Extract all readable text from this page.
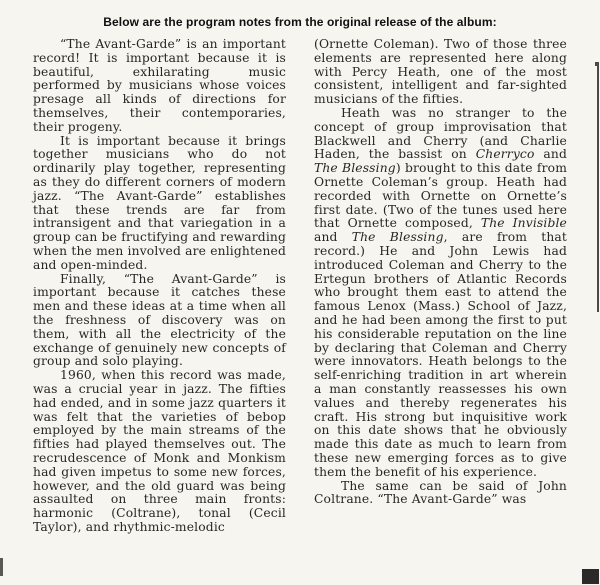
Below are the program notes from the original release of the album:

“The Avant-Garde” is an important record! It is important because it is beautiful, exhilarating music performed by musicians whose voices presage all kinds of directions for themselves, their contemporaries, their progeny.

It is important because it brings together musicians who do not ordinarily play together, representing as they do different corners of modern jazz. “The Avant-Garde” establishes that these trends are far from intransigent and that variegation in a group can be fructifying and rewarding when the men involved are enlightened and open-minded.

Finally, “The Avant-Garde” is important because it catches these men and these ideas at a time when all the freshness of discovery was on them, with all the electricity of the exchange of genuinely new concepts of group and solo playing.

1960, when this record was made, was a crucial year in jazz. The fifties had ended, and in some jazz quarters it was felt that the varieties of bebop employed by the main streams of the fifties had played themselves out. The recrudescence of Monk and Monkism had given impetus to some new forces, however, and the old guard was being assaulted on three main fronts: harmonic (Coltrane), tonal (Cecil Taylor), and rhythmic-melodic

(Ornette Coleman). Two of those three elements are represented here along with Percy Heath, one of the most consistent, intelligent and far-sighted musicians of the fifties.

Heath was no stranger to the concept of group improvisation that Blackwell and Cherry (and Charlie Haden, the bassist on Cherryco and The Blessing) brought to this date from Ornette Coleman’s group. Heath had recorded with Ornette on Ornette’s first date. (Two of the tunes used here that Ornette composed, The Invisible and The Blessing, are from that record.) He and John Lewis had introduced Coleman and Cherry to the Ertegun brothers of Atlantic Records who brought them east to attend the famous Lenox (Mass.) School of Jazz, and he had been among the first to put his considerable reputation on the line by declaring that Coleman and Cherry were innovators. Heath belongs to the self-enriching tradition in art wherein a man constantly reassesses his own values and thereby regenerates his craft. His strong but inquisitive work on this date shows that he obviously made this date as much to learn from these new emerging forces as to give them the benefit of his experience.

The same can be said of John Coltrane. “The Avant-Garde” was
